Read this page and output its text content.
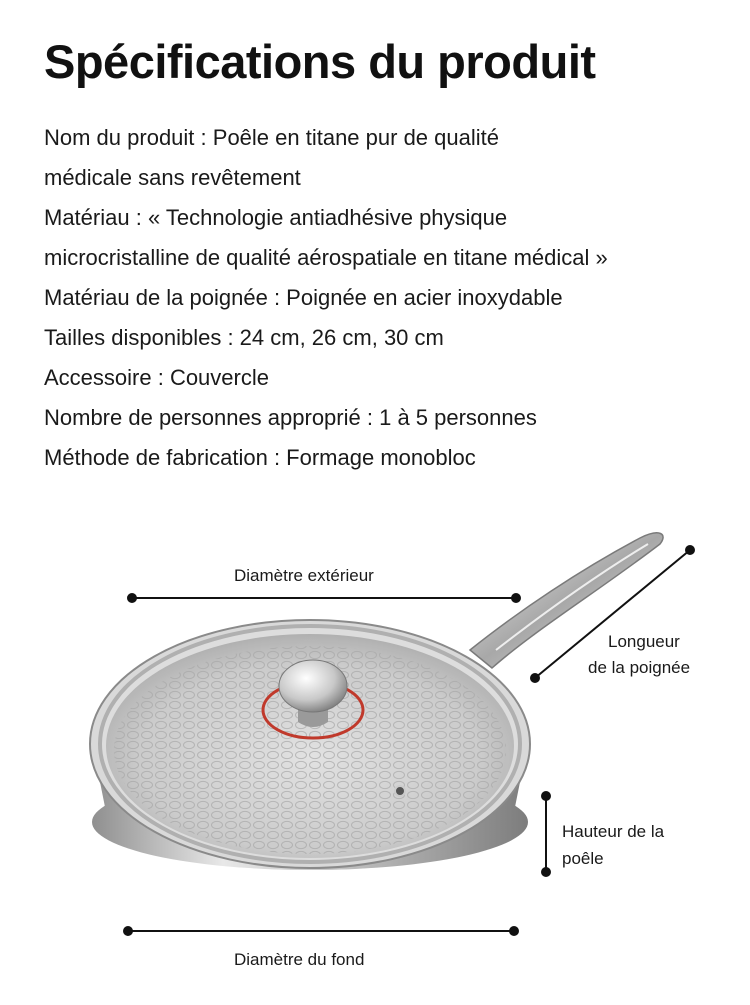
Spécifications du produit
Nom du produit : Poêle en titane pur de qualité
médicale sans revêtement
Matériau : « Technologie antiadhésive physique
microcristalline de qualité aérospatiale en titane médical »
Matériau de la poignée : Poignée en acier inoxydable
Tailles disponibles : 24 cm, 26 cm, 30 cm
Accessoire : Couvercle
Nombre de personnes approprié : 1 à 5 personnes
Méthode de fabrication : Formage monobloc
Diamètre extérieur
Longueur
de la poignée
Hauteur de la
poêle
Diamètre du fond
